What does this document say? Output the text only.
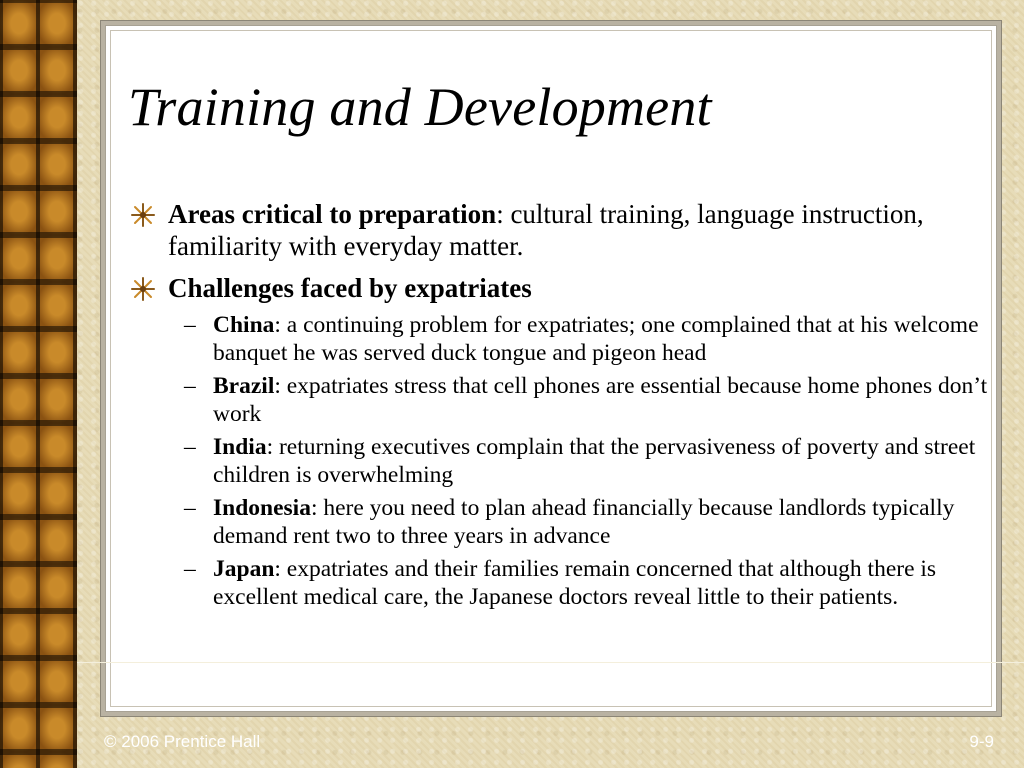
Training and Development
Areas critical to preparation: cultural training, language instruction, familiarity with everyday matter.
Challenges faced by expatriates
– China: a continuing problem for expatriates; one complained that at his welcome banquet he was served duck tongue and pigeon head
– Brazil: expatriates stress that cell phones are essential because home phones don’t work
– India: returning executives complain that the pervasiveness of poverty and street children is overwhelming
– Indonesia: here you need to plan ahead financially because landlords typically demand rent two to three years in advance
– Japan: expatriates and their families remain concerned that although there is excellent medical care, the Japanese doctors reveal little to their patients.
© 2006 Prentice Hall	9-9
